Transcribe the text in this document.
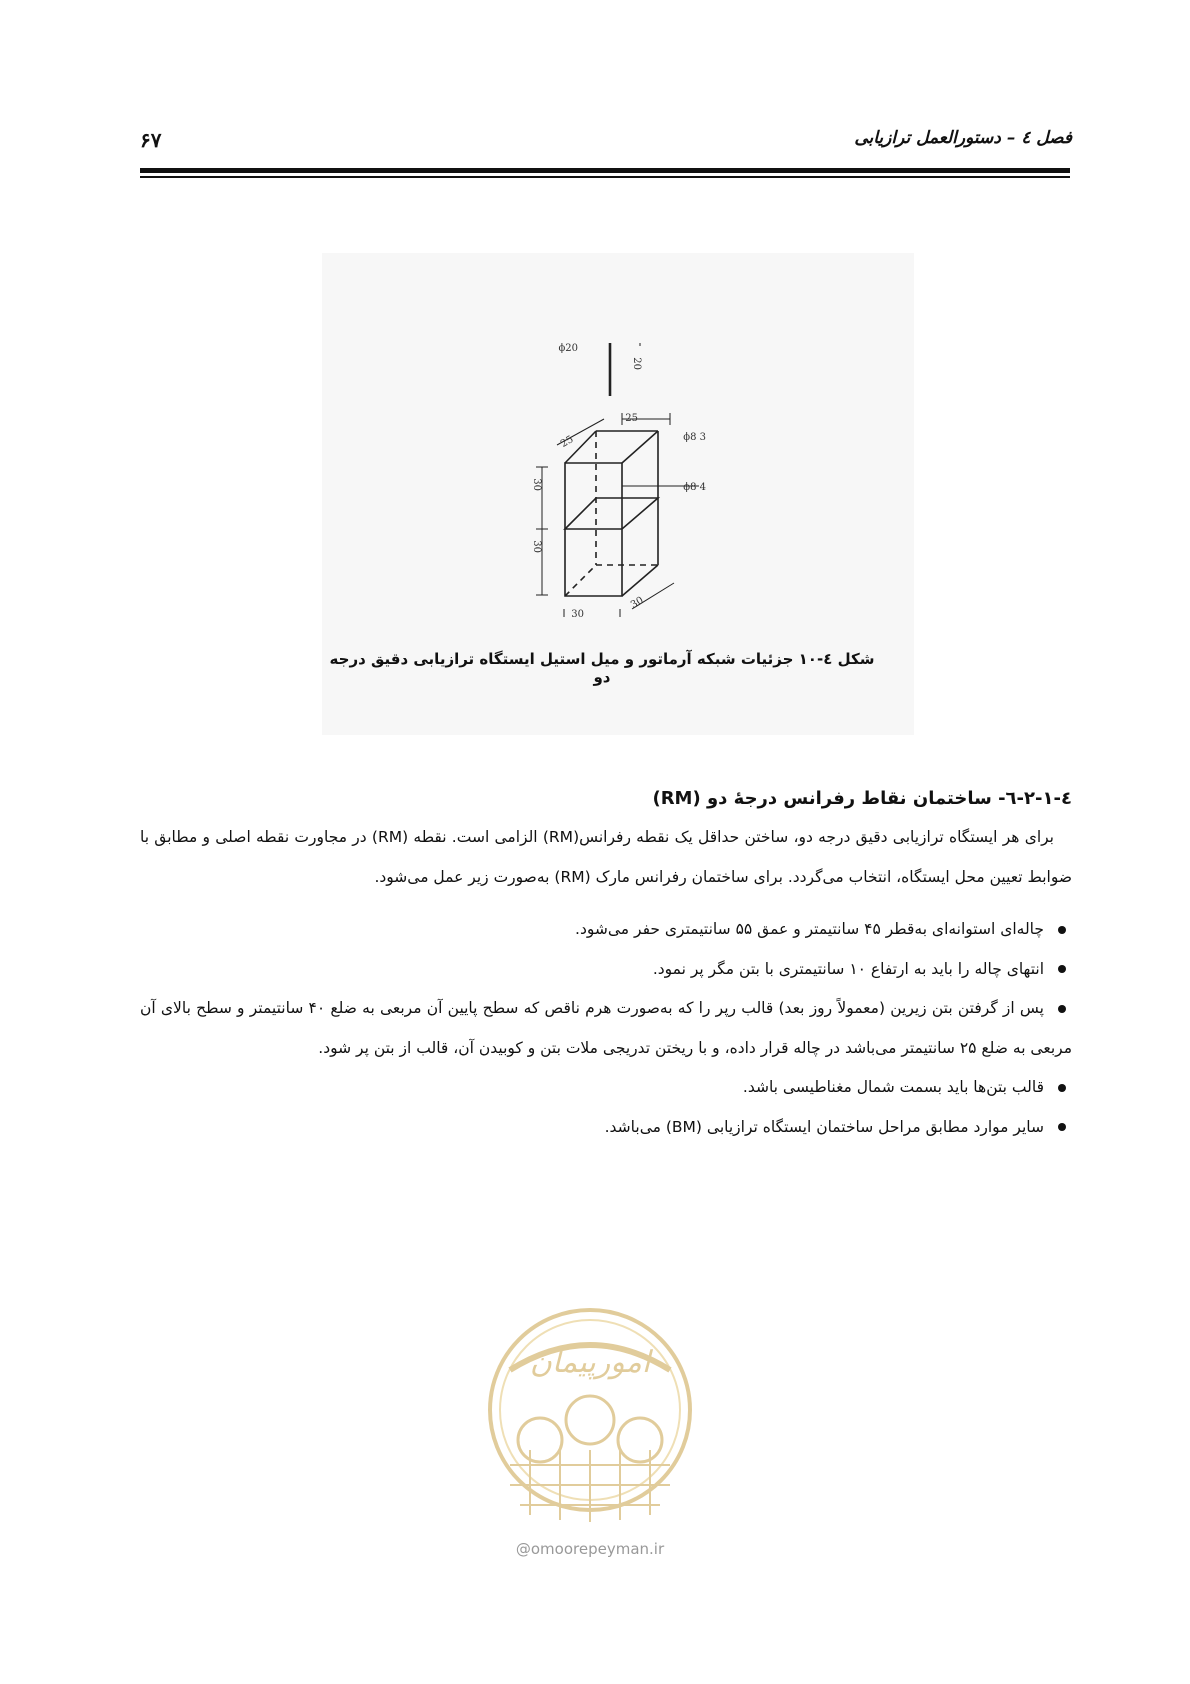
فصل ٤ – دستورالعمل ترازیابی
۶۷
ϕ20
20
25
25
3 ϕ8
4 ϕ8
30
30
30
30
شکل ٤-١٠ جزئیات شبکه آرماتور و میل استیل ایستگاه ترازیابی دقیق درجه دو
٤-١-٢-٦- ساختمان نقاط رفرانس درجهٔ دو (RM)
برای هر ایستگاه ترازیابی دقیق درجه دو، ساختن حداقل یک نقطه رفرانس(RM) الزامی است. نقطه (RM) در مجاورت نقطه اصلی و مطابق با ضوابط تعیین محل ایستگاه، انتخاب می‌گردد. برای ساختمان رفرانس مارک (RM) به‌صورت زیر عمل می‌شود.
چاله‌ای استوانه‌ای به‌قطر ۴۵ سانتیمتر و عمق ۵۵ سانتیمتری حفر می‌شود.
انتهای چاله را باید به ارتفاع ۱۰ سانتیمتری با بتن مگر پر نمود.
پس از گرفتن بتن زیرین (معمولاً روز بعد) قالب رپر را که به‌صورت هرم ناقص که سطح پایین آن مربعی به ضلع ۴۰ سانتیمتر و سطح بالای آن مربعی به ضلع ۲۵ سانتیمتر می‌باشد در چاله قرار داده، و با ریختن تدریجی ملات بتن و کوبیدن آن، قالب از بتن پر شود.
قالب بتن‌ها باید بسمت شمال مغناطیسی باشد.
سایر موارد مطابق مراحل ساختمان ایستگاه ترازیابی (BM) می‌باشد.
امورپیمان
@omoorepeyman.ir
